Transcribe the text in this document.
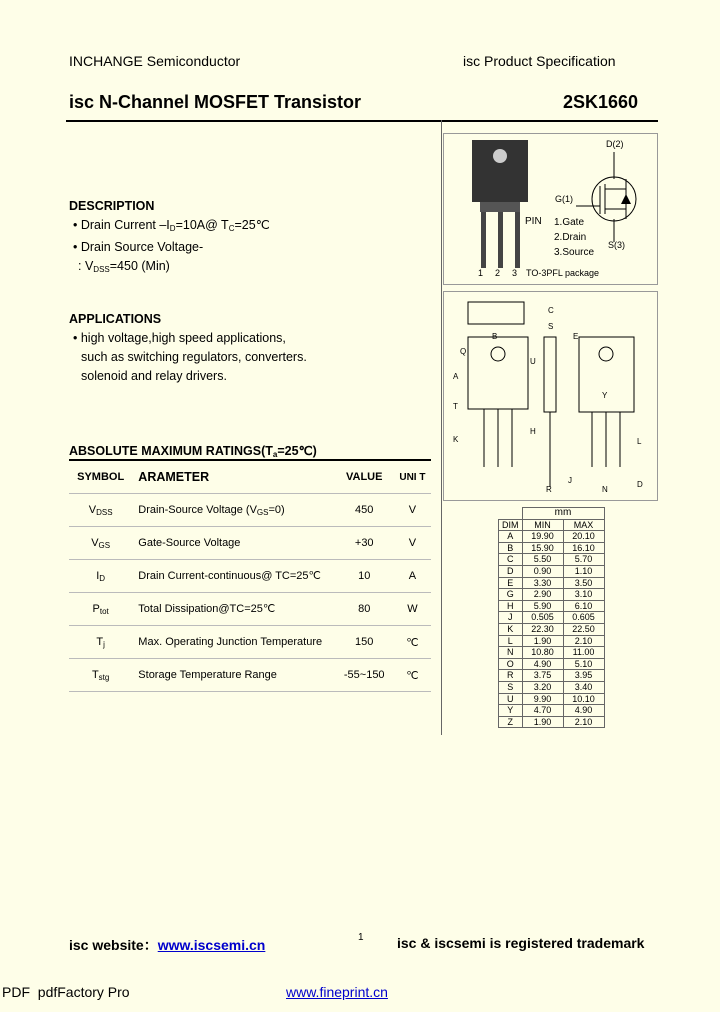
INCHANGE Semiconductor	isc Product Specification
isc N-Channel MOSFET Transistor	2SK1660
DESCRIPTION
• Drain Current $-I_D=10A@$ $T_C=25℃$
• Drain Source Voltage-
: $V_{DSS}=450$ (Min)
APPLICATIONS
• high voltage,high speed applications,
such as switching regulators, converters.
solenoid and relay drivers.
ABSOLUTE MAXIMUM $RATINGS(T_a=25℃)$
SYMBOL	ARAMETER	VALUE	UNI T
$V_{DSS}$	Drain-Source Voltage $(V_{GS}=0)$	450	V
$V_{GS}$	Gate-Source Voltage	+30	V
$I_D$	Drain Current-continuous@ TC=25℃	10	A
$P_{tot}$	Total Dissipation@TC=25℃	80	W
$T_j$	Max. Operating Junction Temperature	150	℃
$T_{stg}$	Storage Temperature Range	-55~150	℃
D(2)
G(1)
S(3)
PIN 1.Gate
2.Drain
3.Source
1 2 3 TO-3PFL package
B
Q
A
U
T
K
H
C
S
E
Y
J
R	N
D
L
	mm	
DIM	MIN	MAX
A	19.90	20.10
B	15.90	16.10
C	5.50	5.70
D	0.90	1.10
E	3.30	3.50
G	2.90	3.10
H	5.90	6.10
J	0.505	0.605
K	22.30	22.50
L	1.90	2.10
N	10.80	11.00
O	4.90	5.10
R	3.75	3.95
S	3.20	3.40
U	9.90	10.10
Y	4.70	4.90
Z	1.90	2.10
isc website：www.iscsemi.cn	1 isc & iscsemi is registered trademark
PDF pdfFactory Pro	www.fineprint.cn
